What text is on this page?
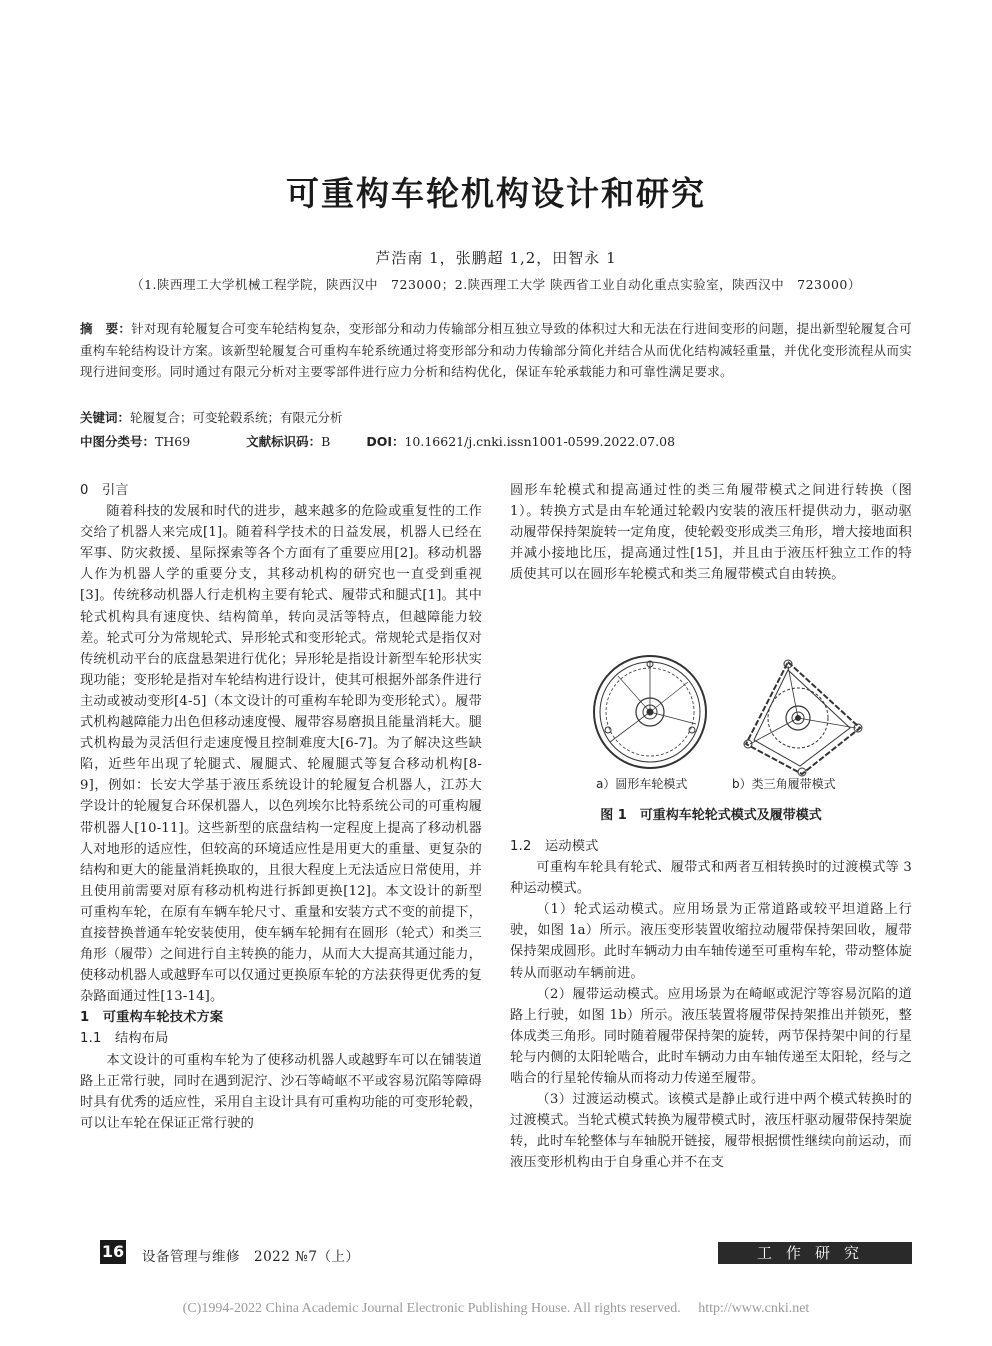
可重构车轮机构设计和研究
芦浩南 1，张鹏超 1,2，田智永 1
（1.陕西理工大学机械工程学院，陕西汉中　723000；2.陕西理工大学 陕西省工业自动化重点实验室，陕西汉中　723000）
摘　要：针对现有轮履复合可变车轮结构复杂，变形部分和动力传输部分相互独立导致的体积过大和无法在行进间变形的问题，提出新型轮履复合可重构车轮结构设计方案。该新型轮履复合可重构车轮系统通过将变形部分和动力传输部分简化并结合从而优化结构减轻重量，并优化变形流程从而实现行进间变形。同时通过有限元分析对主要零部件进行应力分析和结构优化，保证车轮承载能力和可靠性满足要求。
关键词：轮履复合；可变轮毂系统；有限元分析
中图分类号：TH69	文献标识码：B	DOI：10.16621/j.cnki.issn1001-0599.2022.07.08
0　引言

随着科技的发展和时代的进步，越来越多的危险或重复性的工作交给了机器人来完成[1]。随着科学技术的日益发展，机器人已经在军事、防灾救援、星际探索等各个方面有了重要应用[2]。移动机器人作为机器人学的重要分支，其移动机构的研究也一直受到重视[3]。传统移动机器人行走机构主要有轮式、履带式和腿式[1]。其中轮式机构具有速度快、结构简单，转向灵活等特点，但越障能力较差。轮式可分为常规轮式、异形轮式和变形轮式。常规轮式是指仅对传统机动平台的底盘悬架进行优化；异形轮是指设计新型车轮形状实现功能；变形轮是指对车轮结构进行设计，使其可根据外部条件进行主动或被动变形[4-5]（本文设计的可重构车轮即为变形轮式）。履带式机构越障能力出色但移动速度慢、履带容易磨损且能量消耗大。腿式机构最为灵活但行走速度慢且控制难度大[6-7]。为了解决这些缺陷，近些年出现了轮腿式、履腿式、轮履腿式等复合移动机构[8-9]，例如：长安大学基于液压系统设计的轮履复合机器人，江苏大学设计的轮履复合环保机器人，以色列埃尔比特系统公司的可重构履带机器人[10-11]。这些新型的底盘结构一定程度上提高了移动机器人对地形的适应性，但较高的环境适应性是用更大的重量、更复杂的结构和更大的能量消耗换取的，且很大程度上无法适应日常使用，并且使用前需要对原有移动机构进行拆卸更换[12]。本文设计的新型可重构车轮，在原有车辆车轮尺寸、重量和安装方式不变的前提下，直接替换普通车轮安装使用，使车辆车轮拥有在圆形（轮式）和类三角形（履带）之间进行自主转换的能力，从而大大提高其通过能力，使移动机器人或越野车可以仅通过更换原车轮的方法获得更优秀的复杂路面通过性[13-14]。

1　可重构车轮技术方案
1.1　结构布局

本文设计的可重构车轮为了使移动机器人或越野车可以在铺装道路上正常行驶，同时在遇到泥泞、沙石等崎岖不平或容易沉陷等障碍时具有优秀的适应性，采用自主设计具有可重构功能的可变形轮毂，可以让车轮在保证正常行驶的

圆形车轮模式和提高通过性的类三角履带模式之间进行转换（图 1）。转换方式是由车轮通过轮毂内安装的液压杆提供动力，驱动驱动履带保持架旋转一定角度，使轮毂变形成类三角形，增大接地面积并减小接地比压，提高通过性[15]，并且由于液压杆独立工作的特质使其可以在圆形车轮模式和类三角履带模式自由转换。

a）圆形车轮模式	b）类三角履带模式
图 1　可重构车轮轮式模式及履带模式
1.2　运动模式

可重构车轮具有轮式、履带式和两者互相转换时的过渡模式等 3 种运动模式。

（1）轮式运动模式。应用场景为正常道路或较平坦道路上行驶，如图 1a）所示。液压变形装置收缩拉动履带保持架回收，履带保持架成圆形。此时车辆动力由车轴传递至可重构车轮，带动整体旋转从而驱动车辆前进。

（2）履带运动模式。应用场景为在崎岖或泥泞等容易沉陷的道路上行驶，如图 1b）所示。液压装置将履带保持架推出并锁死，整体成类三角形。同时随着履带保持架的旋转，两节保持架中间的行星轮与内侧的太阳轮啮合，此时车辆动力由车轴传递至太阳轮，经与之啮合的行星轮传输从而将动力传递至履带。

（3）过渡运动模式。该模式是静止或行进中两个模式转换时的过渡模式。当轮式模式转换为履带模式时，液压杆驱动履带保持架旋转，此时车轮整体与车轴脱开链接，履带根据惯性继续向前运动，而液压变形机构由于自身重心并不在支

16 设备管理与维修　2022 №7（上）	工作研究
(C)1994-2022 China Academic Journal Electronic Publishing House. All rights reserved.　 http://www.cnki.net
